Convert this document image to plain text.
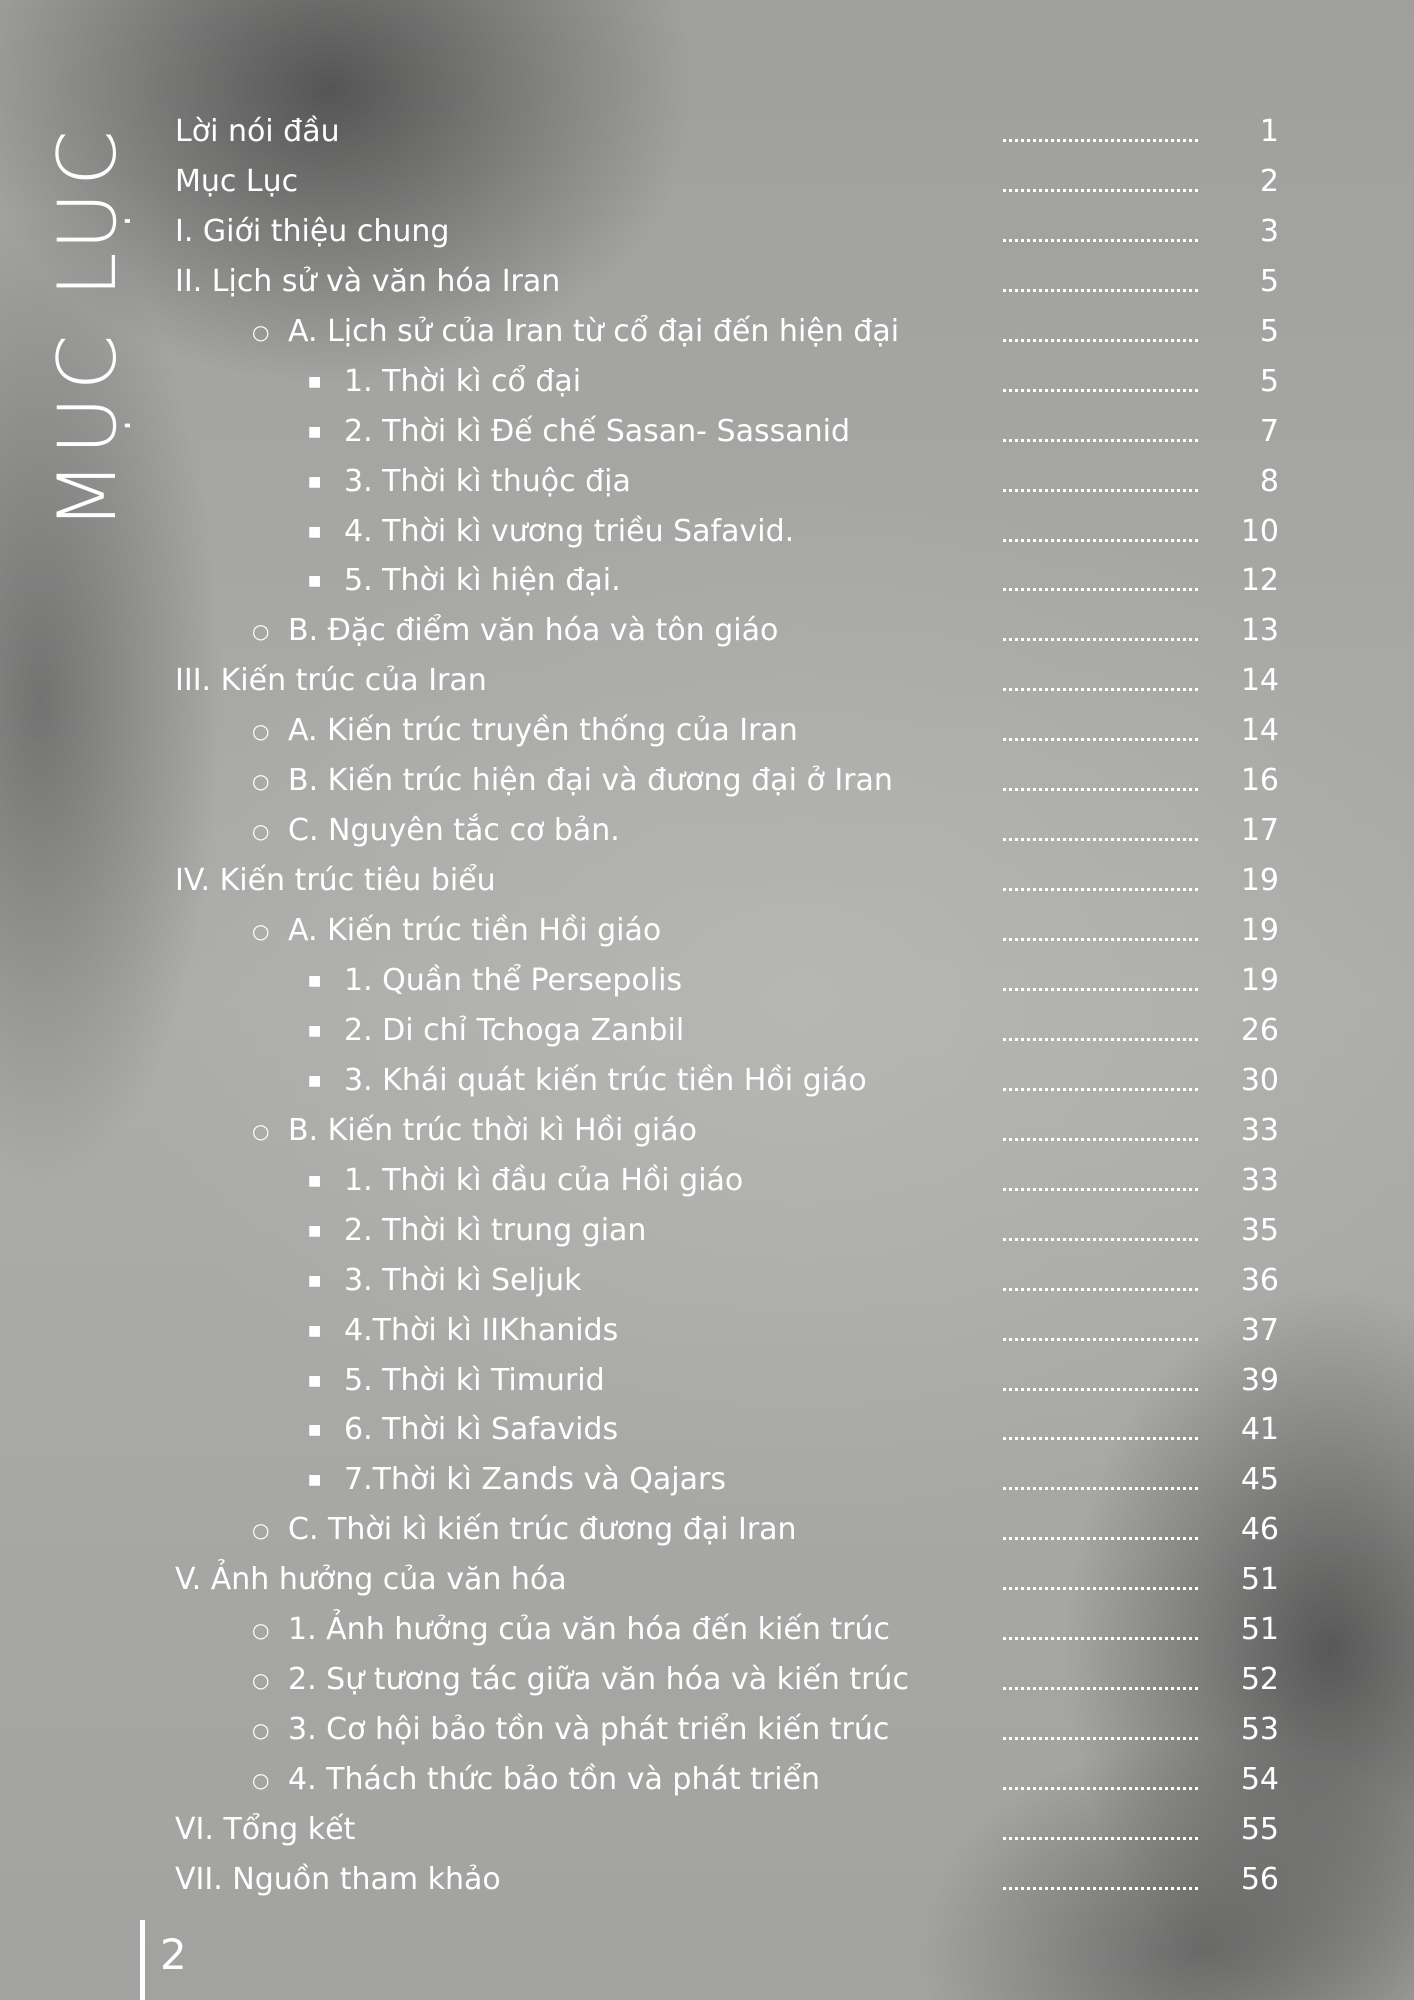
MỤC LỤC Lời nói đầu	1
Mục Lục	2
I. Giới thiệu chung	3
II. Lịch sử và văn hóa Iran	5
○ A. Lịch sử của Iran từ cổ đại đến hiện đại	5
■ 1. Thời kì cổ đại	5
■ 2. Thời kì Đế chế Sasan- Sassanid	7
■ 3. Thời kì thuộc địa	8
■ 4. Thời kì vương triều Safavid.	10
■ 5. Thời kì hiện đại.	12
○ B. Đặc điểm văn hóa và tôn giáo	13
III. Kiến trúc của Iran	14
○ A. Kiến trúc truyền thống của Iran	14
○ B. Kiến trúc hiện đại và đương đại ở Iran	16
○ C. Nguyên tắc cơ bản.	17
IV. Kiến trúc tiêu biểu	19
○ A. Kiến trúc tiền Hồi giáo	19
■ 1. Quần thể Persepolis	19
■ 2. Di chỉ Tchoga Zanbil	26
■ 3. Khái quát kiến trúc tiền Hồi giáo	30
○ B. Kiến trúc thời kì Hồi giáo	33
■ 1. Thời kì đầu của Hồi giáo	33
■ 2. Thời kì trung gian	35
■ 3. Thời kì Seljuk	36
■ 4.Thời kì IIKhanids	37
■ 5. Thời kì Timurid	39
■ 6. Thời kì Safavids	41
■ 7.Thời kì Zands và Qajars	45
○ C. Thời kì kiến trúc đương đại Iran	46
V. Ảnh hưởng của văn hóa	51
○ 1. Ảnh hưởng của văn hóa đến kiến trúc	51
○ 2. Sự tương tác giữa văn hóa và kiến trúc	52
○ 3. Cơ hội bảo tồn và phát triển kiến trúc	53
○ 4. Thách thức bảo tồn và phát triển	54
VI. Tổng kết	55
VII. Nguồn tham khảo	56
2
